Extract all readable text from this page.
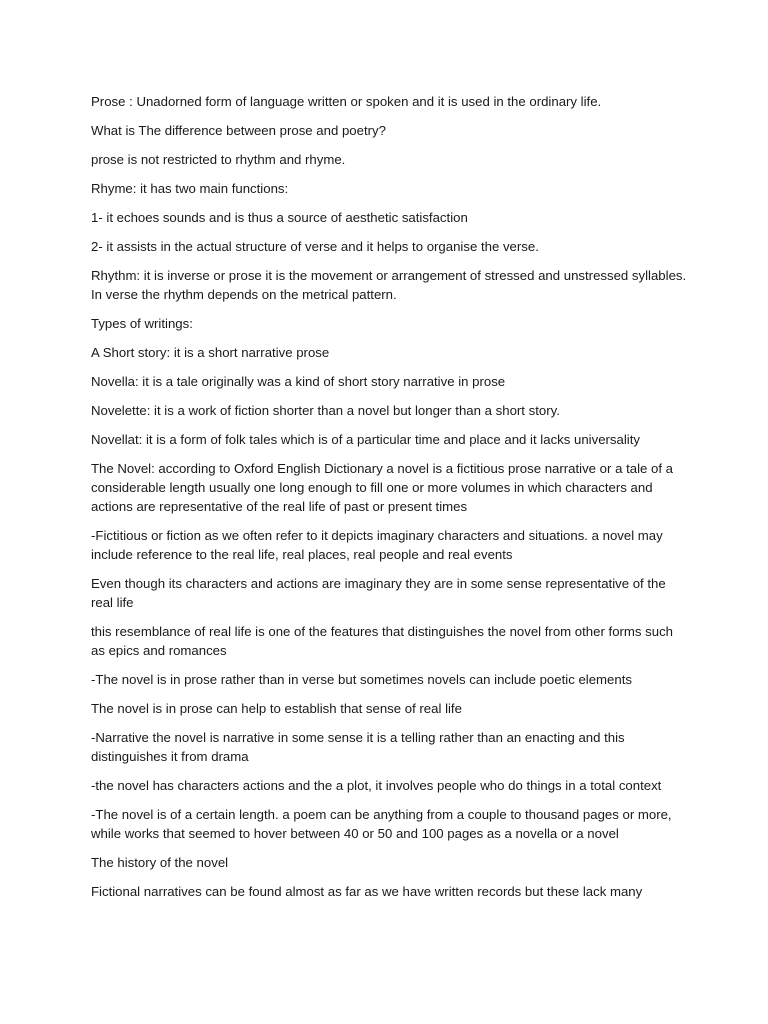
Prose : Unadorned form of language written or spoken and it is used in the ordinary life.

What is The difference between prose and poetry?

prose is not restricted to rhythm and rhyme.

Rhyme: it has two main functions:

1- it echoes sounds and is thus a source of aesthetic satisfaction

2- it assists in the actual structure of verse and it helps to organise the verse.

Rhythm: it is inverse or prose it is the movement or arrangement of stressed and unstressed syllables. In verse the rhythm depends on the metrical pattern.

Types of writings:

A Short story: it is a short narrative prose

Novella: it is a tale originally was a kind of short story narrative in prose

Novelette: it is a work of fiction shorter than a novel but longer than a short story.

Novellat: it is a form of folk tales which is of a particular time and place and it lacks universality

The Novel: according to Oxford English Dictionary a novel is a fictitious prose narrative or a tale of a considerable length usually one long enough to fill one or more volumes in which characters and actions are representative of the real life of past or present times

-Fictitious or fiction as we often refer to it depicts imaginary characters and situations. a novel may include reference to the real life, real places, real people and real events

Even though its characters and actions are imaginary they are in some sense representative of the real life

this resemblance of real life is one of the features that distinguishes the novel from other forms such as epics and romances

-The novel is in prose rather than in verse but sometimes novels can include poetic elements

The novel is in prose can help to establish that sense of real life

-Narrative the novel is narrative in some sense it is a telling rather than an enacting and this distinguishes it from drama

-the novel has characters actions and the a plot, it involves people who do things in a total context

-The novel is of a certain length. a poem can be anything from a couple to thousand pages or more, while works that seemed to hover between 40 or 50 and 100 pages as a novella or a novel

The history of the novel

Fictional narratives can be found almost as far as we have written records but these lack many
